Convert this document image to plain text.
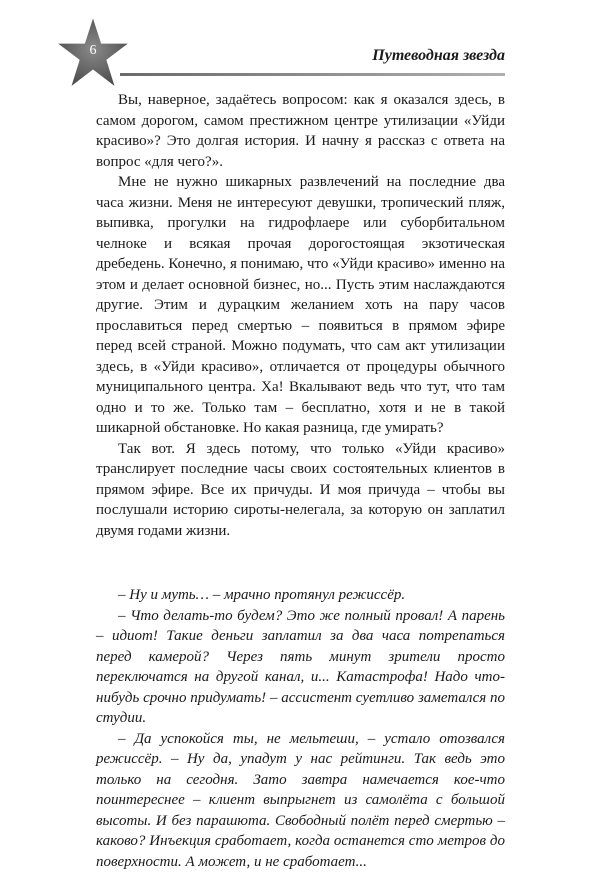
6	Путеводная звезда

Вы, наверное, задаётесь вопросом: как я оказался здесь, в самом дорогом, самом престижном центре утилизации «Уйди красиво»? Это долгая история. И начну я рассказ с ответа на вопрос «для чего?».

Мне не нужно шикарных развлечений на последние два часа жизни. Меня не интересуют девушки, тропический пляж, выпивка, прогулки на гидрофлаере или суборбитальном челноке и всякая прочая дорогостоящая экзотическая дребедень. Конечно, я понимаю, что «Уйди красиво» именно на этом и делает основной бизнес, но... Пусть этим наслаждаются другие. Этим и дурацким желанием хоть на пару часов прославиться перед смертью – появиться в прямом эфире перед всей страной. Можно подумать, что сам акт утилизации здесь, в «Уйди красиво», отличается от процедуры обычного муниципального центра. Ха! Вкалывают ведь что тут, что там одно и то же. Только там – бесплатно, хотя и не в такой шикарной обстановке. Но какая разница, где умирать?

Так вот. Я здесь потому, что только «Уйди красиво» транслирует последние часы своих состоятельных клиентов в прямом эфире. Все их причуды. И моя причуда – чтобы вы послушали историю сироты-нелегала, за которую он заплатил двумя годами жизни.

– Ну и муть… – мрачно протянул режиссёр.

– Что делать-то будем? Это же полный провал! А парень – идиот! Такие деньги заплатил за два часа потрепаться перед камерой? Через пять минут зрители просто переключатся на другой канал, и... Катастрофа! Надо что-нибудь срочно придумать! – ассистент суетливо заметался по студии.

– Да успокойся ты, не мельтеши, – устало отозвался режиссёр. – Ну да, упадут у нас рейтинги. Так ведь это только на сегодня. Зато завтра намечается кое-что поинтереснее – клиент выпрыгнет из самолёта с большой высоты. И без парашюта. Свободный полёт перед смертью – каково? Инъекция сработает, когда останется сто метров до поверхности. А может, и не сработает...
